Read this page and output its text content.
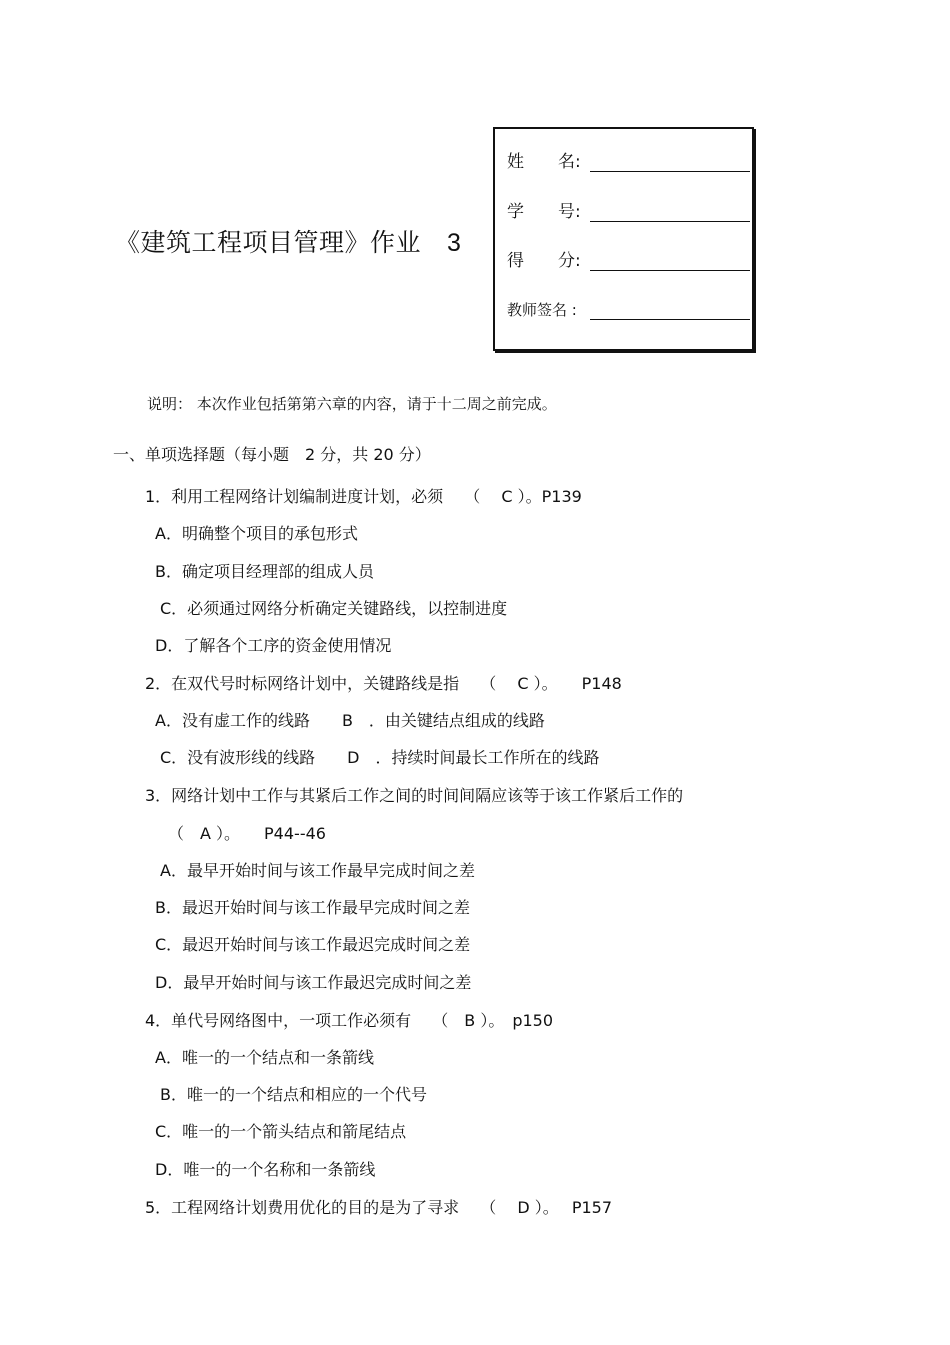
《建筑工程项目管理》作业 3
姓　　名:
学　　号:
得　　分:
教师签名 :
说明： 本次作业包括第第六章的内容，请于十二周之前完成。
一、单项选择题（每小题　2 分，共 20 分）
1．利用工程网络计划编制进度计划，必须　 （　 C ）。P139
A．明确整个项目的承包形式
B．确定项目经理部的组成人员
C．必须通过网络分析确定关键路线，以控制进度
D．了解各个工序的资金使用情况
2．在双代号时标网络计划中，关键路线是指　 （　 C ）。　　P148
A．没有虚工作的线路　　B　．由关键结点组成的线路
C．没有波形线的线路　　D　．持续时间最长工作所在的线路
3．网络计划中工作与其紧后工作之间的时间间隔应该等于该工作紧后工作的
（　A ）。　　P44--46
A．最早开始时间与该工作最早完成时间之差
B．最迟开始时间与该工作最早完成时间之差
C．最迟开始时间与该工作最迟完成时间之差
D．最早开始时间与该工作最迟完成时间之差
4．单代号网络图中，一项工作必须有　 （　B ）。　p150
A．唯一的一个结点和一条箭线
B．唯一的一个结点和相应的一个代号
C．唯一的一个箭头结点和箭尾结点
D．唯一的一个名称和一条箭线
5．工程网络计划费用优化的目的是为了寻求　 （　 D ）。　 P157
